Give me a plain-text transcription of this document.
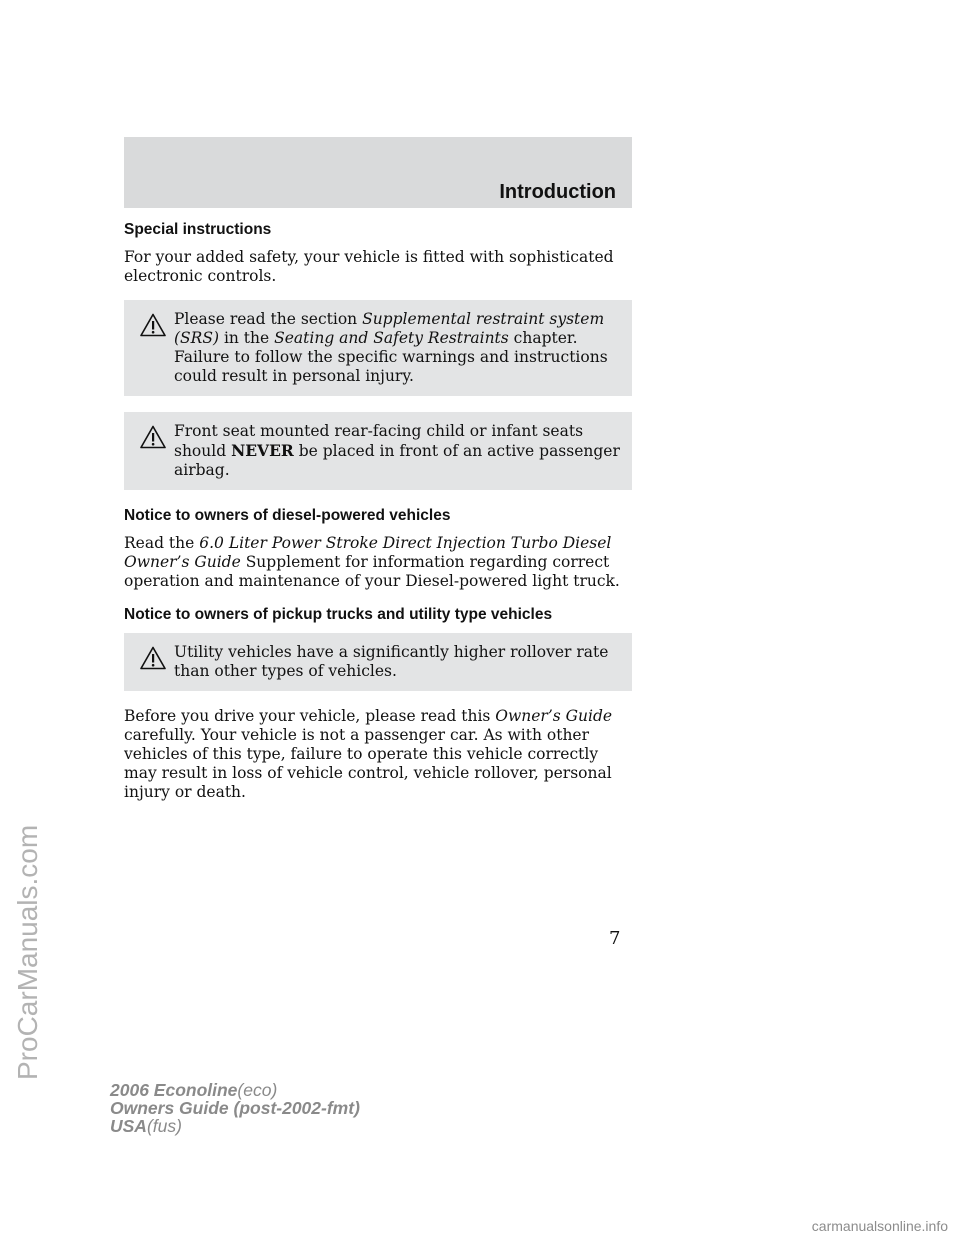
Introduction
Special instructions

For your added safety, your vehicle is fitted with sophisticated electronic controls.

Please read the section Supplemental restraint system (SRS) in the Seating and Safety Restraints chapter. Failure to follow the specific warnings and instructions could result in personal injury.
Front seat mounted rear-facing child or infant seats should NEVER be placed in front of an active passenger airbag.
Notice to owners of diesel-powered vehicles

Read the 6.0 Liter Power Stroke Direct Injection Turbo Diesel Owner’s Guide Supplement for information regarding correct operation and maintenance of your Diesel-powered light truck.

Notice to owners of pickup trucks and utility type vehicles
Utility vehicles have a significantly higher rollover rate than other types of vehicles.

Before you drive your vehicle, please read this Owner’s Guide carefully. Your vehicle is not a passenger car. As with other vehicles of this type, failure to operate this vehicle correctly may result in loss of vehicle control, vehicle rollover, personal injury or death.

7
2006 Econoline(eco)
Owners Guide (post-2002-fmt)
USA(fus)
ProCarManuals.com
carmanualsonline.info
